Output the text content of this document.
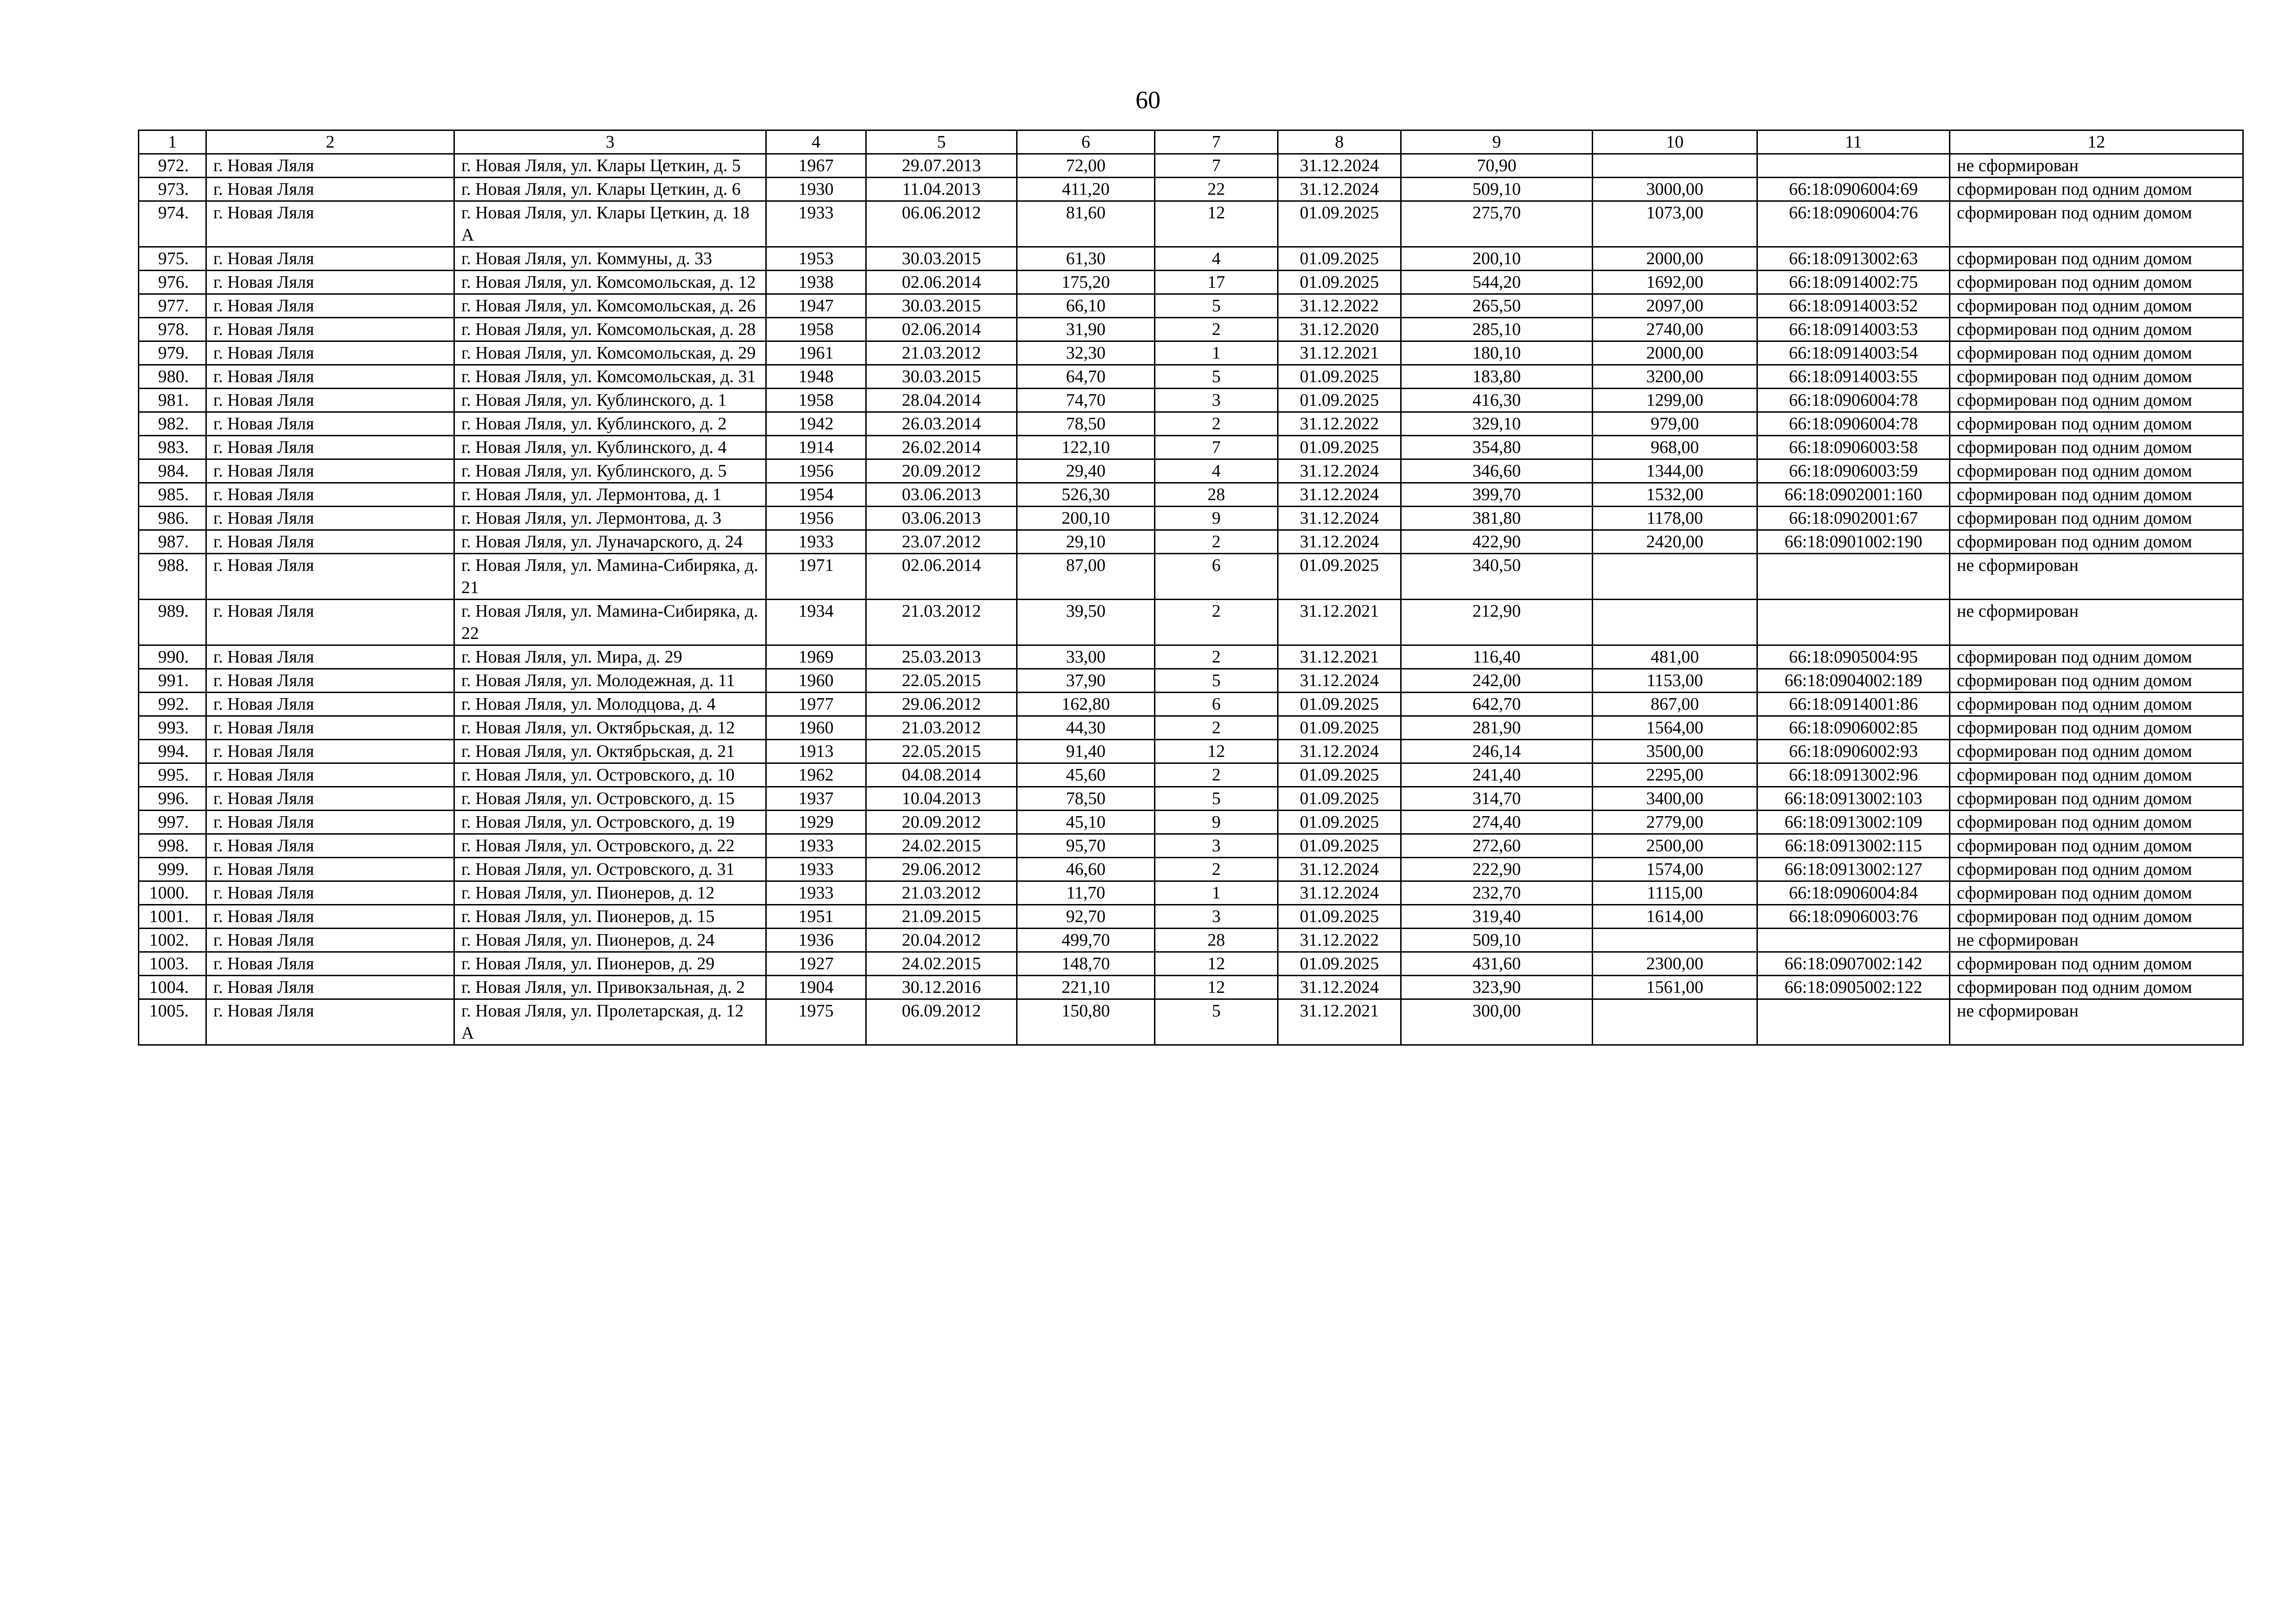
60
1	2	3	4	5	6	7	8	9	10	11	12
972.	г. Новая Ляля	г. Новая Ляля, ул. Клары Цеткин, д. 5	1967	29.07.2013	72,00	7	31.12.2024	70,90			не сформирован
973.	г. Новая Ляля	г. Новая Ляля, ул. Клары Цеткин, д. 6	1930	11.04.2013	411,20	22	31.12.2024	509,10	3000,00	66:18:0906004:69	сформирован под одним домом
974.	г. Новая Ляля	г. Новая Ляля, ул. Клары Цеткин, д. 18 А	1933	06.06.2012	81,60	12	01.09.2025	275,70	1073,00	66:18:0906004:76	сформирован под одним домом
975.	г. Новая Ляля	г. Новая Ляля, ул. Коммуны, д. 33	1953	30.03.2015	61,30	4	01.09.2025	200,10	2000,00	66:18:0913002:63	сформирован под одним домом
976.	г. Новая Ляля	г. Новая Ляля, ул. Комсомольская, д. 12	1938	02.06.2014	175,20	17	01.09.2025	544,20	1692,00	66:18:0914002:75	сформирован под одним домом
977.	г. Новая Ляля	г. Новая Ляля, ул. Комсомольская, д. 26	1947	30.03.2015	66,10	5	31.12.2022	265,50	2097,00	66:18:0914003:52	сформирован под одним домом
978.	г. Новая Ляля	г. Новая Ляля, ул. Комсомольская, д. 28	1958	02.06.2014	31,90	2	31.12.2020	285,10	2740,00	66:18:0914003:53	сформирован под одним домом
979.	г. Новая Ляля	г. Новая Ляля, ул. Комсомольская, д. 29	1961	21.03.2012	32,30	1	31.12.2021	180,10	2000,00	66:18:0914003:54	сформирован под одним домом
980.	г. Новая Ляля	г. Новая Ляля, ул. Комсомольская, д. 31	1948	30.03.2015	64,70	5	01.09.2025	183,80	3200,00	66:18:0914003:55	сформирован под одним домом
981.	г. Новая Ляля	г. Новая Ляля, ул. Кублинского, д. 1	1958	28.04.2014	74,70	3	01.09.2025	416,30	1299,00	66:18:0906004:78	сформирован под одним домом
982.	г. Новая Ляля	г. Новая Ляля, ул. Кублинского, д. 2	1942	26.03.2014	78,50	2	31.12.2022	329,10	979,00	66:18:0906004:78	сформирован под одним домом
983.	г. Новая Ляля	г. Новая Ляля, ул. Кублинского, д. 4	1914	26.02.2014	122,10	7	01.09.2025	354,80	968,00	66:18:0906003:58	сформирован под одним домом
984.	г. Новая Ляля	г. Новая Ляля, ул. Кублинского, д. 5	1956	20.09.2012	29,40	4	31.12.2024	346,60	1344,00	66:18:0906003:59	сформирован под одним домом
985.	г. Новая Ляля	г. Новая Ляля, ул. Лермонтова, д. 1	1954	03.06.2013	526,30	28	31.12.2024	399,70	1532,00	66:18:0902001:160	сформирован под одним домом
986.	г. Новая Ляля	г. Новая Ляля, ул. Лермонтова, д. 3	1956	03.06.2013	200,10	9	31.12.2024	381,80	1178,00	66:18:0902001:67	сформирован под одним домом
987.	г. Новая Ляля	г. Новая Ляля, ул. Луначарского, д. 24	1933	23.07.2012	29,10	2	31.12.2024	422,90	2420,00	66:18:0901002:190	сформирован под одним домом
988.	г. Новая Ляля	г. Новая Ляля, ул. Мамина-Сибиряка, д. 21	1971	02.06.2014	87,00	6	01.09.2025	340,50			не сформирован
989.	г. Новая Ляля	г. Новая Ляля, ул. Мамина-Сибиряка, д. 22	1934	21.03.2012	39,50	2	31.12.2021	212,90			не сформирован
990.	г. Новая Ляля	г. Новая Ляля, ул. Мира, д. 29	1969	25.03.2013	33,00	2	31.12.2021	116,40	481,00	66:18:0905004:95	сформирован под одним домом
991.	г. Новая Ляля	г. Новая Ляля, ул. Молодежная, д. 11	1960	22.05.2015	37,90	5	31.12.2024	242,00	1153,00	66:18:0904002:189	сформирован под одним домом
992.	г. Новая Ляля	г. Новая Ляля, ул. Молодцова, д. 4	1977	29.06.2012	162,80	6	01.09.2025	642,70	867,00	66:18:0914001:86	сформирован под одним домом
993.	г. Новая Ляля	г. Новая Ляля, ул. Октябрьская, д. 12	1960	21.03.2012	44,30	2	01.09.2025	281,90	1564,00	66:18:0906002:85	сформирован под одним домом
994.	г. Новая Ляля	г. Новая Ляля, ул. Октябрьская, д. 21	1913	22.05.2015	91,40	12	31.12.2024	246,14	3500,00	66:18:0906002:93	сформирован под одним домом
995.	г. Новая Ляля	г. Новая Ляля, ул. Островского, д. 10	1962	04.08.2014	45,60	2	01.09.2025	241,40	2295,00	66:18:0913002:96	сформирован под одним домом
996.	г. Новая Ляля	г. Новая Ляля, ул. Островского, д. 15	1937	10.04.2013	78,50	5	01.09.2025	314,70	3400,00	66:18:0913002:103	сформирован под одним домом
997.	г. Новая Ляля	г. Новая Ляля, ул. Островского, д. 19	1929	20.09.2012	45,10	9	01.09.2025	274,40	2779,00	66:18:0913002:109	сформирован под одним домом
998.	г. Новая Ляля	г. Новая Ляля, ул. Островского, д. 22	1933	24.02.2015	95,70	3	01.09.2025	272,60	2500,00	66:18:0913002:115	сформирован под одним домом
999.	г. Новая Ляля	г. Новая Ляля, ул. Островского, д. 31	1933	29.06.2012	46,60	2	31.12.2024	222,90	1574,00	66:18:0913002:127	сформирован под одним домом
1000.	г. Новая Ляля	г. Новая Ляля, ул. Пионеров, д. 12	1933	21.03.2012	11,70	1	31.12.2024	232,70	1115,00	66:18:0906004:84	сформирован под одним домом
1001.	г. Новая Ляля	г. Новая Ляля, ул. Пионеров, д. 15	1951	21.09.2015	92,70	3	01.09.2025	319,40	1614,00	66:18:0906003:76	сформирован под одним домом
1002.	г. Новая Ляля	г. Новая Ляля, ул. Пионеров, д. 24	1936	20.04.2012	499,70	28	31.12.2022	509,10			не сформирован
1003.	г. Новая Ляля	г. Новая Ляля, ул. Пионеров, д. 29	1927	24.02.2015	148,70	12	01.09.2025	431,60	2300,00	66:18:0907002:142	сформирован под одним домом
1004.	г. Новая Ляля	г. Новая Ляля, ул. Привокзальная, д. 2	1904	30.12.2016	221,10	12	31.12.2024	323,90	1561,00	66:18:0905002:122	сформирован под одним домом
1005.	г. Новая Ляля	г. Новая Ляля, ул. Пролетарская, д. 12 А	1975	06.09.2012	150,80	5	31.12.2021	300,00			не сформирован
